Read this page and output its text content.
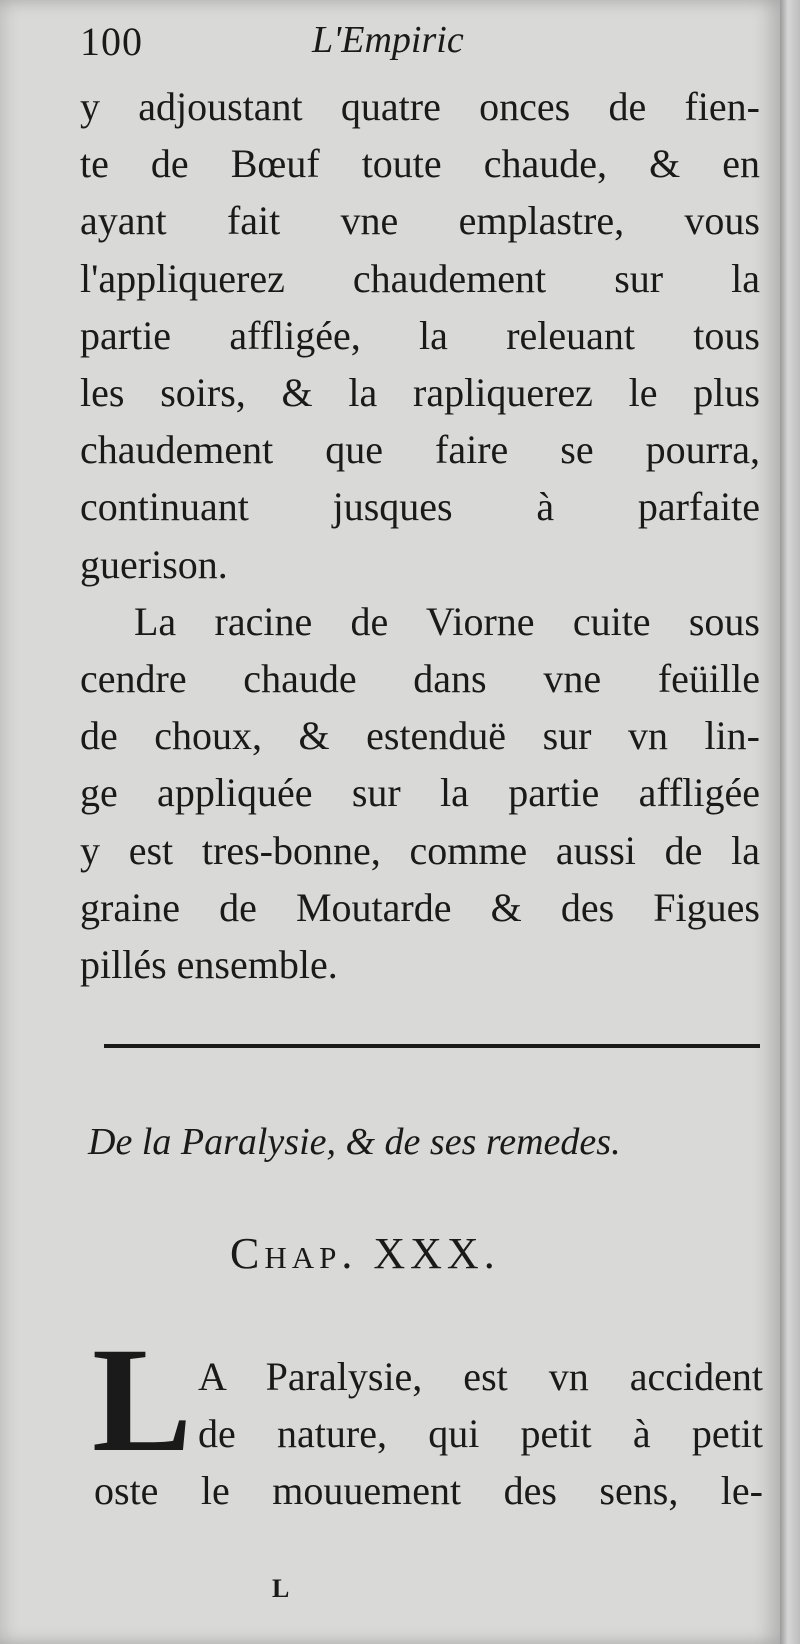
100	L'Empiric
y adjoustant quatre onces de fien-
te de Bœuf toute chaude, & en
ayant fait vne emplastre, vous
l'appliquerez chaudement sur la
partie affligée, la releuant tous
les soirs, & la rapliquerez le plus
chaudement que faire se pourra,
continuant jusques à parfaite
guerison.
La racine de Viorne cuite sous
cendre chaude dans vne feüille
de choux, & estenduë sur vn lin-
ge appliquée sur la partie affligée
y est tres-bonne, comme aussi de la
graine de Moutarde & des Figues
pillés ensemble.
De la Paralysie, & de ses remedes.
Chap. XXX.
L A Paralysie, est vn accident
de nature, qui petit à petit
oste le mouuement des sens, le-
L
